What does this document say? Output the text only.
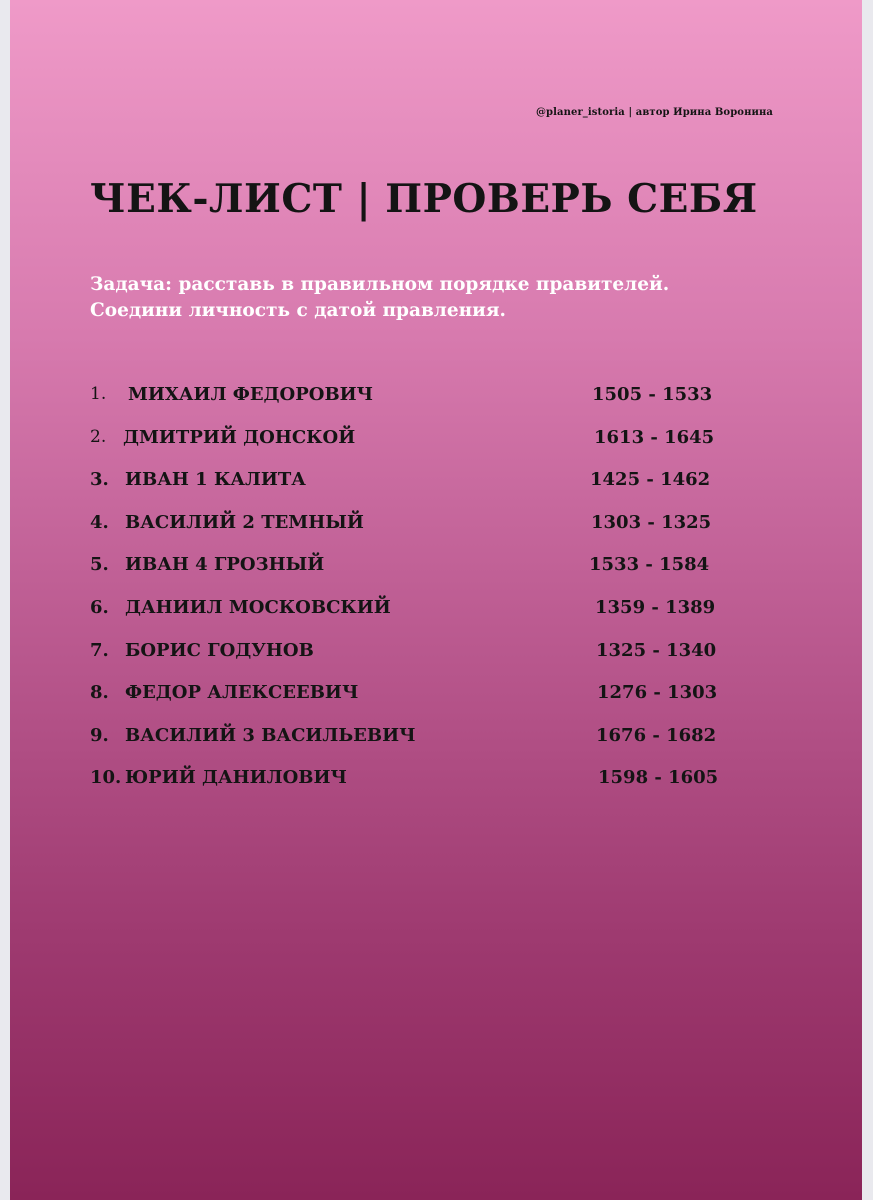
@planer_istoria | автор Ирина Воронина
ЧЕК-ЛИСТ | ПРОВЕРЬ СЕБЯ

Задача: расставь в правильном порядке правителей.
Соедини личность с датой правления.

1. МИХАИЛ ФЕДОРОВИЧ	1505 - 1533
2. ДМИТРИЙ ДОНСКОЙ	1613 - 1645
3. ИВАН 1 КАЛИТА	1425 - 1462
4. ВАСИЛИЙ 2 ТЕМНЫЙ	1303 - 1325
5. ИВАН 4 ГРОЗНЫЙ	1533 - 1584
6. ДАНИИЛ МОСКОВСКИЙ	1359 - 1389
7. БОРИС ГОДУНОВ	1325 - 1340
8. ФЕДОР АЛЕКСЕЕВИЧ	1276 - 1303
9. ВАСИЛИЙ 3 ВАСИЛЬЕВИЧ	1676 - 1682
10. ЮРИЙ ДАНИЛОВИЧ	1598 - 1605
